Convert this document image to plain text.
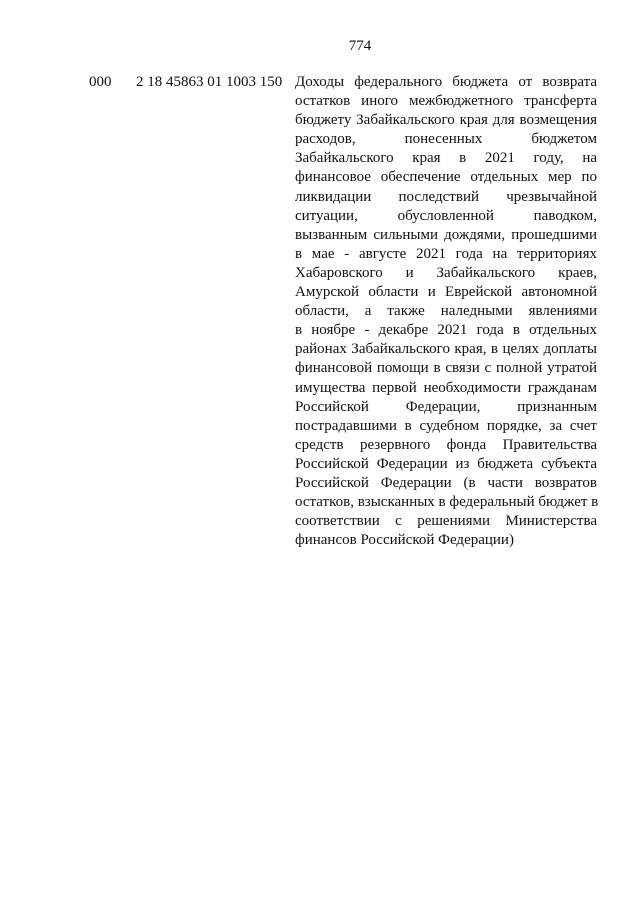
774
000 2 18 45863 01 1003 150 Доходы федерального бюджета от возврата
остатков иного межбюджетного трансферта
бюджету Забайкальского края для возмещения
расходов, понесенных бюджетом
Забайкальского края в 2021 году, на
финансовое обеспечение отдельных мер по
ликвидации последствий чрезвычайной
ситуации, обусловленной паводком,
вызванным сильными дождями, прошедшими
в мае - августе 2021 года на территориях
Хабаровского и Забайкальского краев,
Амурской области и Еврейской автономной
области, а также наледными явлениями
в ноябре - декабре 2021 года в отдельных
районах Забайкальского края, в целях доплаты
финансовой помощи в связи с полной утратой
имущества первой необходимости гражданам
Российской Федерации, признанным
пострадавшими в судебном порядке, за счет
средств резервного фонда Правительства
Российской Федерации из бюджета субъекта
Российской Федерации (в части возвратов
остатков, взысканных в федеральный бюджет в
соответствии с решениями Министерства
финансов Российской Федерации)
